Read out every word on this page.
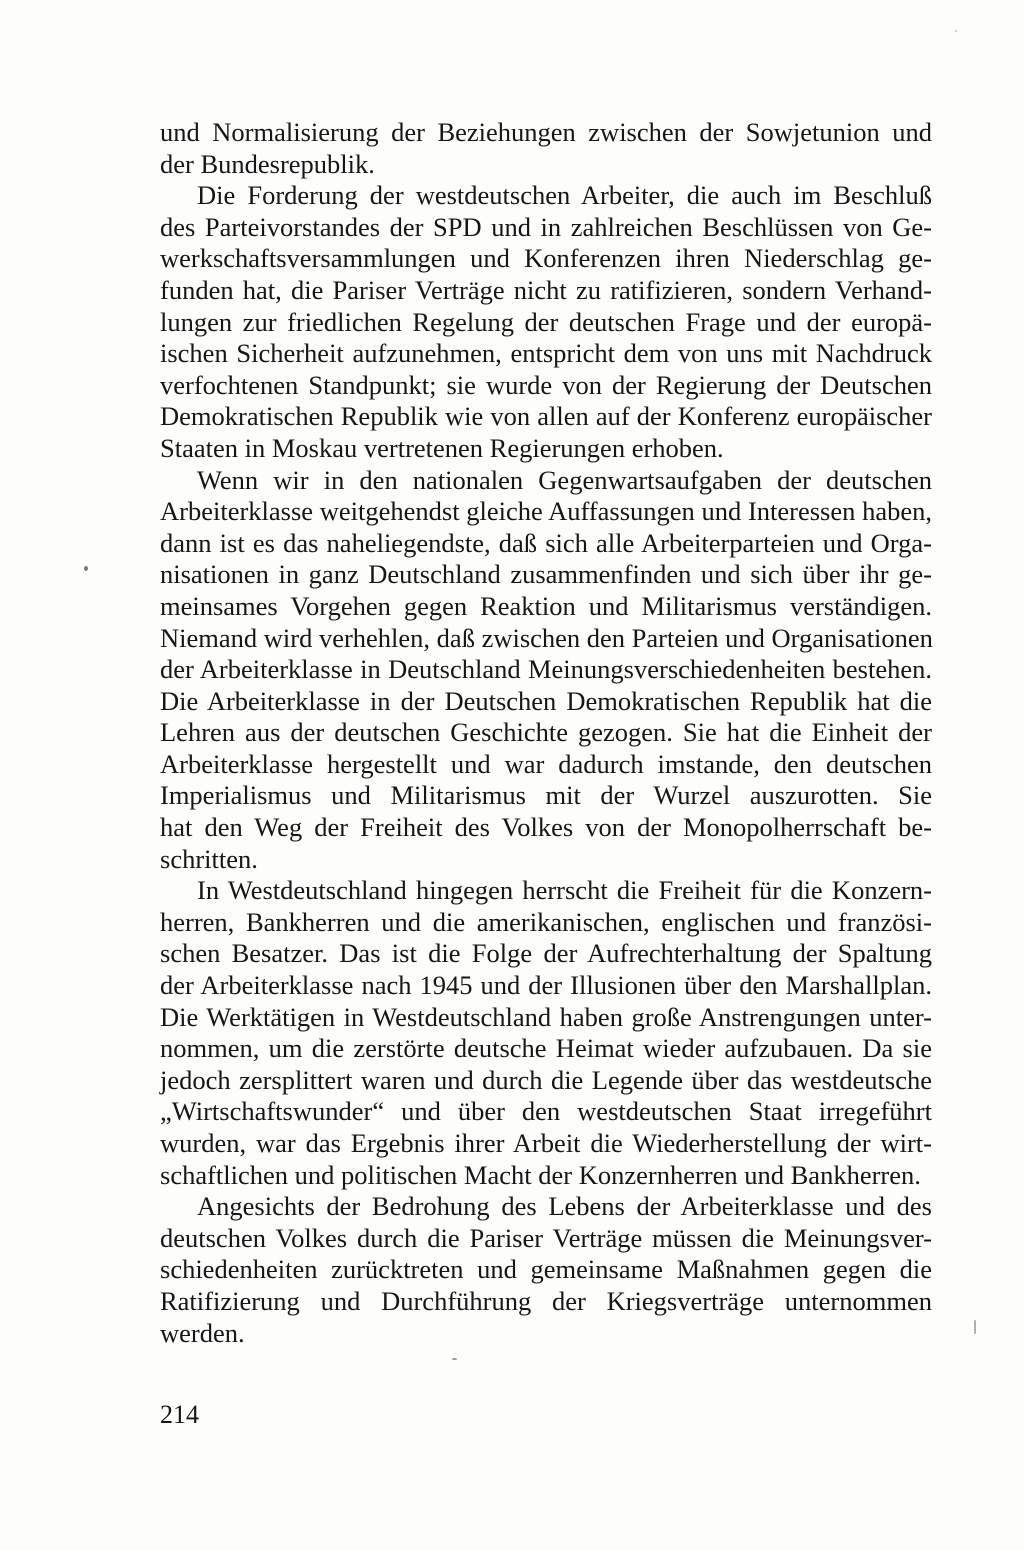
und Normalisierung der Beziehungen zwischen der Sowjetunion und
der Bundesrepublik.
Die Forderung der westdeutschen Arbeiter, die auch im Beschluß
des Parteivorstandes der SPD und in zahlreichen Beschlüssen von Ge-
werkschaftsversammlungen und Konferenzen ihren Niederschlag ge-
funden hat, die Pariser Verträge nicht zu ratifizieren, sondern Verhand-
lungen zur friedlichen Regelung der deutschen Frage und der europä-
ischen Sicherheit aufzunehmen, entspricht dem von uns mit Nachdruck
verfochtenen Standpunkt; sie wurde von der Regierung der Deutschen
Demokratischen Republik wie von allen auf der Konferenz europäischer
Staaten in Moskau vertretenen Regierungen erhoben.
Wenn wir in den nationalen Gegenwartsaufgaben der deutschen
Arbeiterklasse weitgehendst gleiche Auffassungen und Interessen haben,
dann ist es das naheliegendste, daß sich alle Arbeiterparteien und Orga-
nisationen in ganz Deutschland zusammenfinden und sich über ihr ge-
meinsames Vorgehen gegen Reaktion und Militarismus verständigen.
Niemand wird verhehlen, daß zwischen den Parteien und Organisationen
der Arbeiterklasse in Deutschland Meinungsverschiedenheiten bestehen.
Die Arbeiterklasse in der Deutschen Demokratischen Republik hat die
Lehren aus der deutschen Geschichte gezogen. Sie hat die Einheit der
Arbeiterklasse hergestellt und war dadurch imstande, den deutschen
Imperialismus und Militarismus mit der Wurzel auszurotten. Sie
hat den Weg der Freiheit des Volkes von der Monopolherrschaft be-
schritten.
In Westdeutschland hingegen herrscht die Freiheit für die Konzern-
herren, Bankherren und die amerikanischen, englischen und französi-
schen Besatzer. Das ist die Folge der Aufrechterhaltung der Spaltung
der Arbeiterklasse nach 1945 und der Illusionen über den Marshallplan.
Die Werktätigen in Westdeutschland haben große Anstrengungen unter-
nommen, um die zerstörte deutsche Heimat wieder aufzubauen. Da sie
jedoch zersplittert waren und durch die Legende über das westdeutsche
„Wirtschaftswunder“ und über den westdeutschen Staat irregeführt
wurden, war das Ergebnis ihrer Arbeit die Wiederherstellung der wirt-
schaftlichen und politischen Macht der Konzernherren und Bankherren.
Angesichts der Bedrohung des Lebens der Arbeiterklasse und des
deutschen Volkes durch die Pariser Verträge müssen die Meinungsver-
schiedenheiten zurücktreten und gemeinsame Maßnahmen gegen die
Ratifizierung und Durchführung der Kriegsverträge unternommen
werden.
214
